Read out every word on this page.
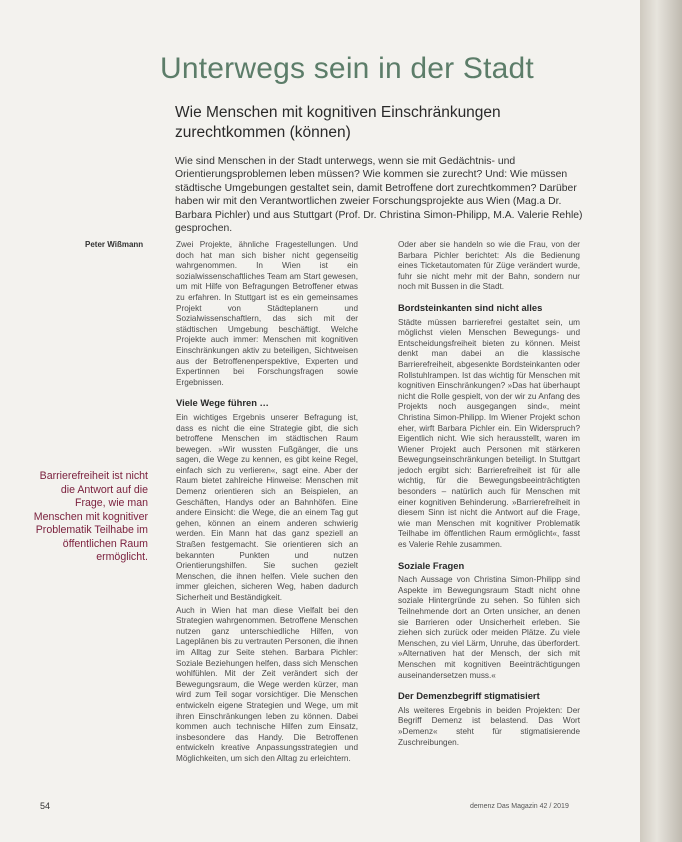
Unterwegs sein in der Stadt
Wie Menschen mit kognitiven Einschränkungen zurechtkommen (können)
Wie sind Menschen in der Stadt unterwegs, wenn sie mit Gedächtnis- und Orientierungsproblemen leben müssen? Wie kommen sie zurecht? Und: Wie müssen städtische Umgebungen gestaltet sein, damit Betroffene dort zurechtkommen? Darüber haben wir mit den Verantwortlichen zweier Forschungsprojekte aus Wien (Mag.a Dr. Barbara Pichler) und aus Stuttgart (Prof. Dr. Christina Simon-Philipp, M.A. Valerie Rehle) gesprochen.
Peter Wißmann
Barrierefreiheit ist nicht die Antwort auf die Frage, wie man Menschen mit kognitiver Problematik Teilhabe im öffentlichen Raum ermöglicht.

Zwei Projekte, ähnliche Fragestellungen. Und doch hat man sich bisher nicht gegenseitig wahrgenommen. In Wien ist ein sozialwissenschaftliches Team am Start gewesen, um mit Hilfe von Befragungen Betroffener etwas zu erfahren. In Stuttgart ist es ein gemeinsames Projekt von Städteplanern und Sozialwissenschaftlern, das sich mit der städtischen Umgebung beschäftigt. Welche Projekte auch immer: Menschen mit kognitiven Einschränkungen aktiv zu beteiligen, Sichtweisen aus der Betroffenenperspektive, Experten und Expertinnen bei Forschungsfragen sowie Ergebnissen.

Viele Wege führen …

Ein wichtiges Ergebnis unserer Befragung ist, dass es nicht die eine Strategie gibt, die sich betroffene Menschen im städtischen Raum bewegen. »Wir wussten Fußgänger, die uns sagen, die Wege zu kennen, es gibt keine Regel, einfach sich zu verlieren«, sagt eine. Aber der Raum bietet zahlreiche Hinweise: Menschen mit Demenz orientieren sich an Beispielen, an Geschäften, Handys oder an Bahnhöfen. Eine andere Einsicht: die Wege, die an einem Tag gut gehen, können an einem anderen schwierig werden. Ein Mann hat das ganz speziell an Straßen festgemacht. Sie orientieren sich an bekannten Punkten und nutzen Orientierungshilfen. Sie suchen gezielt Menschen, die ihnen helfen. Viele suchen den immer gleichen, sicheren Weg, haben dadurch Sicherheit und Beständigkeit.

Auch in Wien hat man diese Vielfalt bei den Strategien wahrgenommen. Betroffene Menschen nutzen ganz unterschiedliche Hilfen, von Lageplänen bis zu vertrauten Personen, die ihnen im Alltag zur Seite stehen. Barbara Pichler: Soziale Beziehungen helfen, dass sich Menschen wohlfühlen. Mit der Zeit verändert sich der Bewegungsraum, die Wege werden kürzer, man wird zum Teil sogar vorsichtiger. Die Menschen entwickeln eigene Strategien und Wege, um mit ihren Einschränkungen leben zu können. Dabei kommen auch technische Hilfen zum Einsatz, insbesondere das Handy. Die Betroffenen entwickeln kreative Anpassungsstrategien und Möglichkeiten, um sich den Alltag zu erleichtern.

Oder aber sie handeln so wie die Frau, von der Barbara Pichler berichtet: Als die Bedienung eines Ticketautomaten für Züge verändert wurde, fuhr sie nicht mehr mit der Bahn, sondern nur noch mit Bussen in die Stadt.

Bordsteinkanten sind nicht alles

Städte müssen barrierefrei gestaltet sein, um möglichst vielen Menschen Bewegungs- und Entscheidungsfreiheit bieten zu können. Meist denkt man dabei an die klassische Barrierefreiheit, abgesenkte Bordsteinkanten oder Rollstuhlrampen. Ist das wichtig für Menschen mit kognitiven Einschränkungen? »Das hat überhaupt nicht die Rolle gespielt, von der wir zu Anfang des Projekts noch ausgegangen sind«, meint Christina Simon-Philipp. Im Wiener Projekt schon eher, wirft Barbara Pichler ein. Ein Widerspruch? Eigentlich nicht. Wie sich herausstellt, waren im Wiener Projekt auch Personen mit stärkeren Bewegungseinschränkungen beteiligt. In Stuttgart jedoch ergibt sich: Barrierefreiheit ist für alle wichtig, für die Bewegungsbeeinträchtigten besonders – natürlich auch für Menschen mit einer kognitiven Behinderung. »Barrierefreiheit in diesem Sinn ist nicht die Antwort auf die Frage, wie man Menschen mit kognitiver Problematik Teilhabe im öffentlichen Raum ermöglicht«, fasst es Valerie Rehle zusammen.

Soziale Fragen

Nach Aussage von Christina Simon-Philipp sind Aspekte im Bewegungsraum Stadt nicht ohne soziale Hintergründe zu sehen. So fühlen sich Teilnehmende dort an Orten unsicher, an denen sie Barrieren oder Unsicherheit erleben. Sie ziehen sich zurück oder meiden Plätze. Zu viele Menschen, zu viel Lärm, Unruhe, das überfordert. »Alternativen hat der Mensch, der sich mit Menschen mit kognitiven Beeinträchtigungen auseinandersetzen muss.«

Der Demenzbegriff stigmatisiert

Als weiteres Ergebnis in beiden Projekten: Der Begriff Demenz ist belastend. Das Wort »Demenz« steht für stigmatisierende Zuschreibungen.

54	demenz Das Magazin 42 / 2019
